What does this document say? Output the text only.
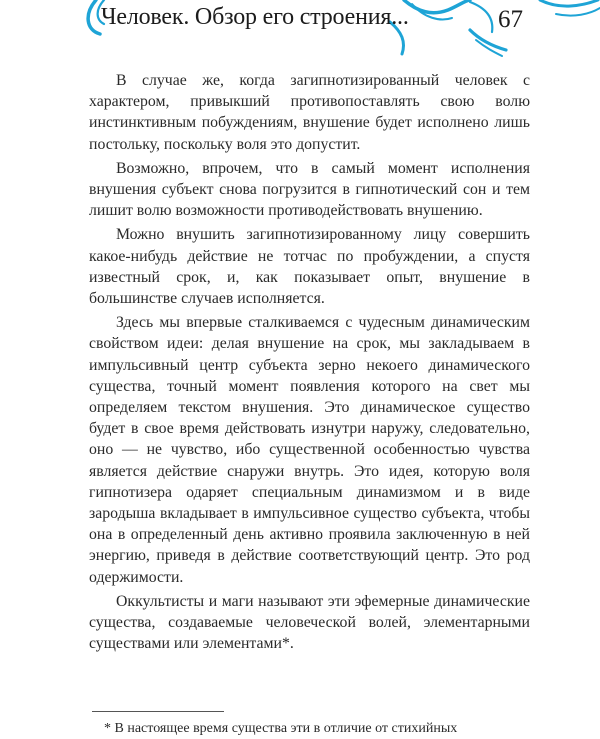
Человек. Обзор его строения...	67

В случае же, когда загипнотизированный человек с характером, привыкший противопоставлять свою волю инстинктивным побуждениям, внушение будет исполнено лишь постольку, поскольку воля это допустит.

Возможно, впрочем, что в самый момент исполнения внушения субъект снова погрузится в гипнотический сон и тем лишит волю возможности противодействовать внушению.

Можно внушить загипнотизированному лицу совершить какое-нибудь действие не тотчас по пробуждении, а спустя известный срок, и, как показывает опыт, внушение в большинстве случаев исполняется.

Здесь мы впервые сталкиваемся с чудесным динамическим свойством идеи: делая внушение на срок, мы закладываем в импульсивный центр субъекта зерно некоего динамического существа, точный момент появления которого на свет мы определяем текстом внушения. Это динамическое существо будет в свое время действовать изнутри наружу, следовательно, оно — не чувство, ибо существенной особенностью чувства является действие снаружи внутрь. Это идея, которую воля гипнотизера одаряет специальным динамизмом и в виде зародыша вкладывает в импульсивное существо субъекта, чтобы она в определенный день активно проявила заключенную в ней энергию, приведя в действие соответствующий центр. Это род одержимости.

Оккультисты и маги называют эти эфемерные динамические существа, создаваемые человеческой волей, элементарными существами или элементами*.

* В настоящее время существа эти в отличие от стихийных
